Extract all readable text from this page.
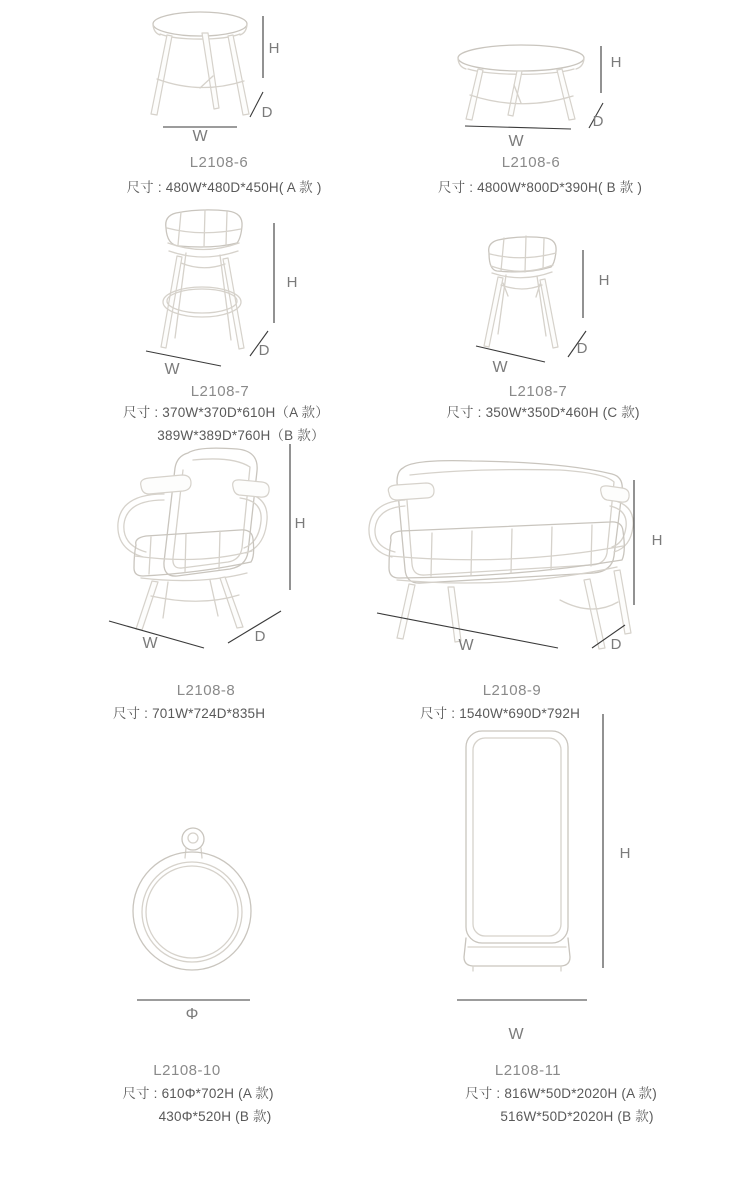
H
D
W
H
D
W
H
D
W
H
D
W
H
D
W
H
D
W
Φ
H
W
L2108-6
尺寸 : 480W*480D*450H( A 款 )
L2108-6
尺寸 : 4800W*800D*390H( B 款 )
L2108-7
尺寸 : 370W*370D*610H（A 款）
389W*389D*760H（B 款）
L2108-7
尺寸 : 350W*350D*460H (C 款)
L2108-8
尺寸 : 701W*724D*835H
L2108-9
尺寸 : 1540W*690D*792H
L2108-10
尺寸 : 610Φ*702H (A 款)
430Φ*520H (B 款)
L2108-11
尺寸 : 816W*50D*2020H (A 款)
516W*50D*2020H (B 款)
